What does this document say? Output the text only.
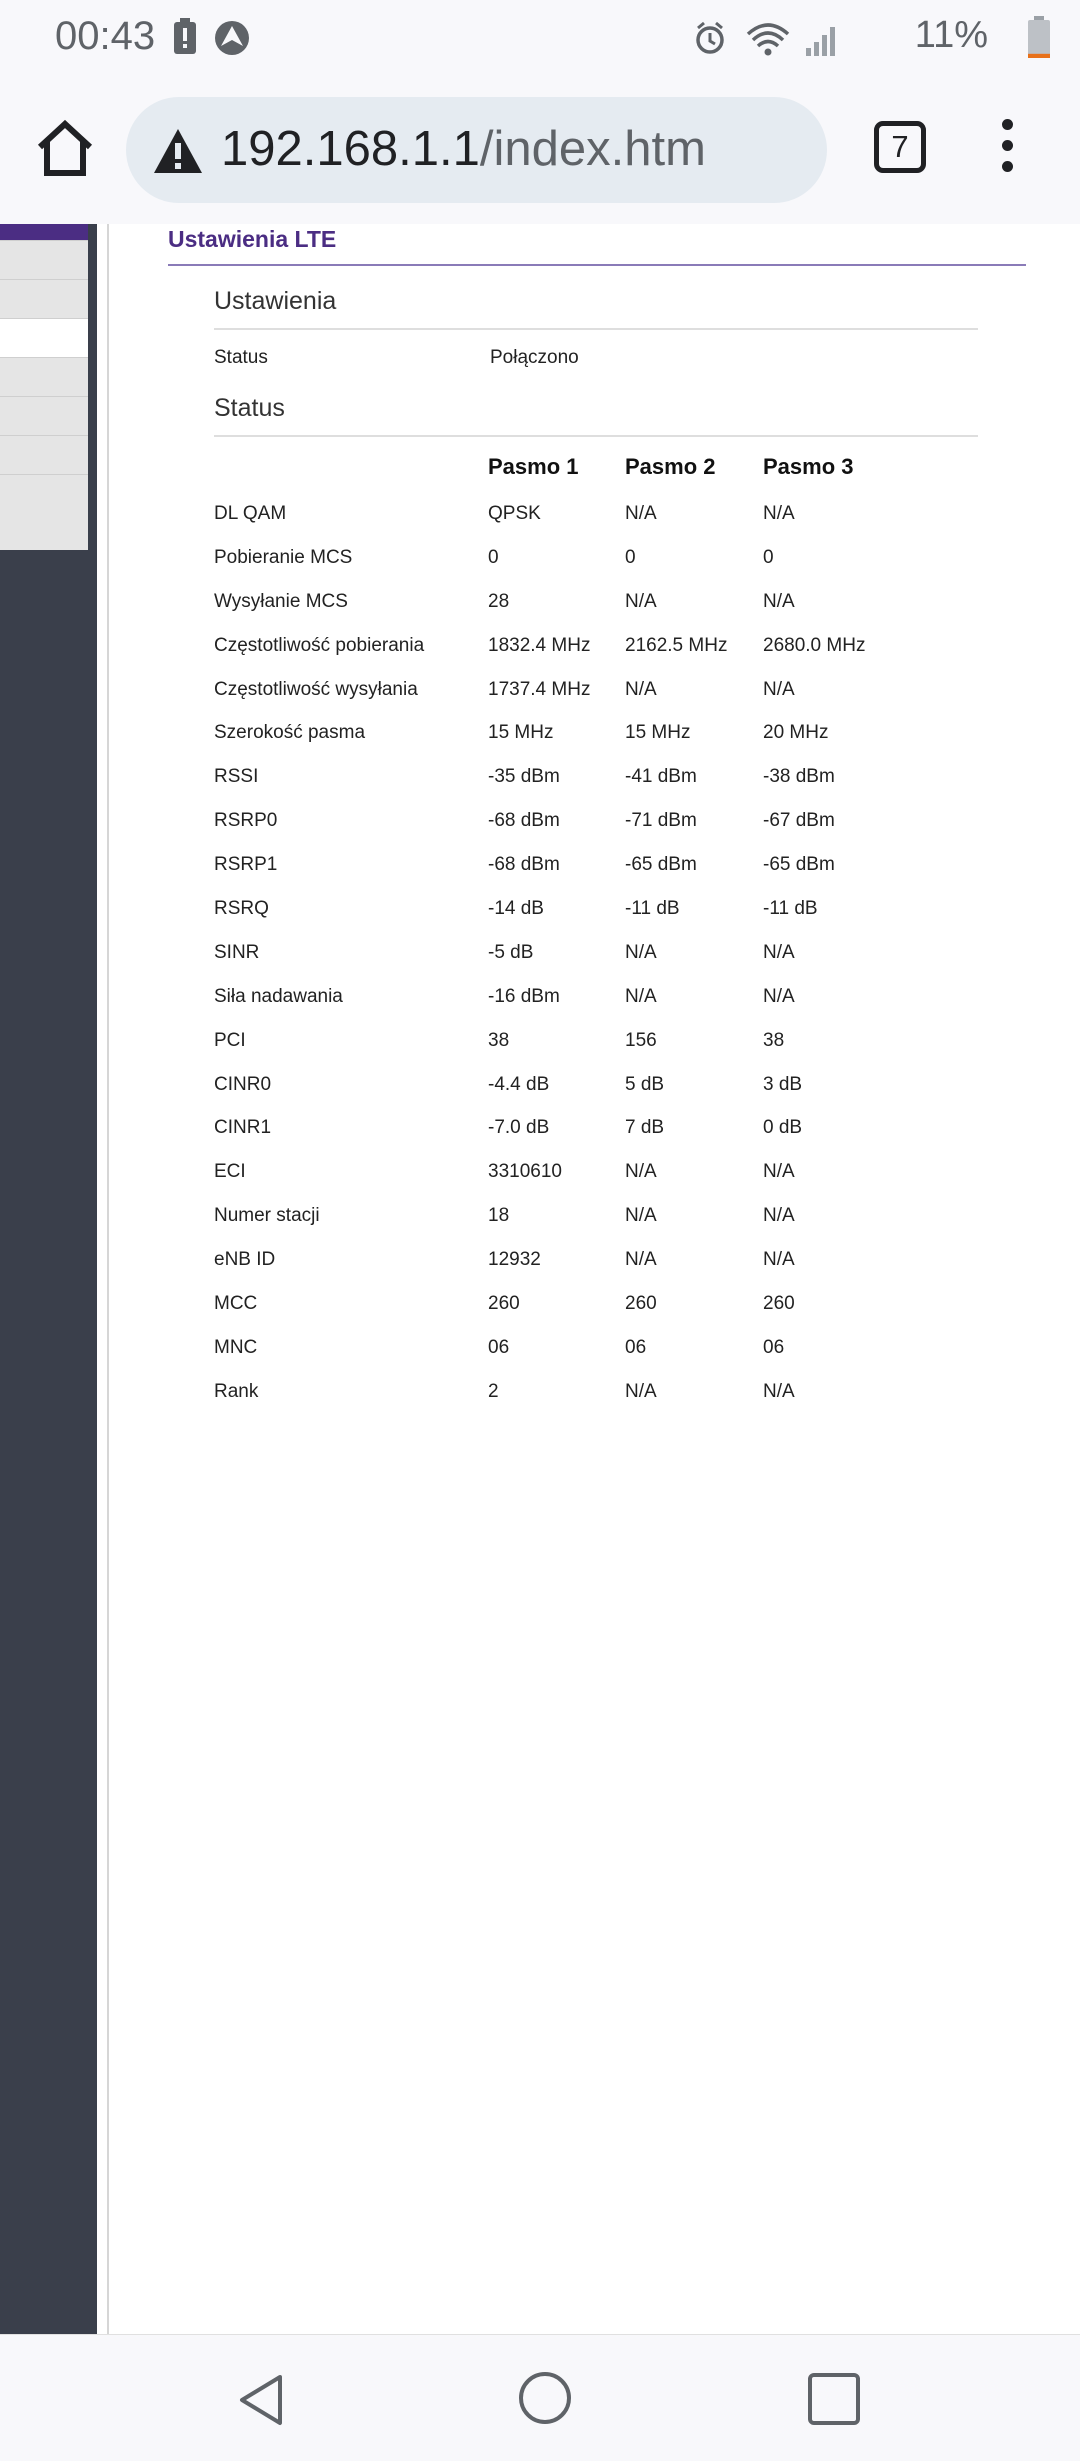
00:43	11%
192.168.1.1/index.htm	7
Ustawienia LTE
Ustawienia
Status	Połączono
Status
	Pasmo 1	Pasmo 2	Pasmo 3
DL QAM	QPSK	N/A	N/A
Pobieranie MCS	0	0	0
Wysyłanie MCS	28	N/A	N/A
Częstotliwość pobierania	1832.4 MHz	2162.5 MHz	2680.0 MHz
Częstotliwość wysyłania	1737.4 MHz	N/A	N/A
Szerokość pasma	15 MHz	15 MHz	20 MHz
RSSI	-35 dBm	-41 dBm	-38 dBm
RSRP0	-68 dBm	-71 dBm	-67 dBm
RSRP1	-68 dBm	-65 dBm	-65 dBm
RSRQ	-14 dB	-11 dB	-11 dB
SINR	-5 dB	N/A	N/A
Siła nadawania	-16 dBm	N/A	N/A
PCI	38	156	38
CINR0	-4.4 dB	5 dB	3 dB
CINR1	-7.0 dB	7 dB	0 dB
ECI	3310610	N/A	N/A
Numer stacji	18	N/A	N/A
eNB ID	12932	N/A	N/A
MCC	260	260	260
MNC	06	06	06
Rank	2	N/A	N/A
